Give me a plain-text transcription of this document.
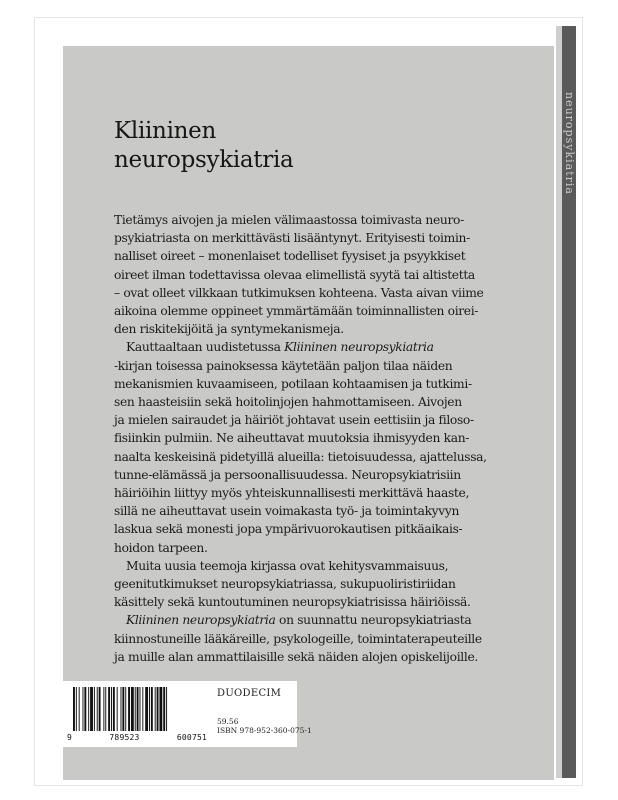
neuropsykiatria
Kliininen
neuropsykiatria
Tietämys aivojen ja mielen välimaastossa toimivasta neuro-
psykiatriasta on merkittävästi lisääntynyt. Erityisesti toimin-
nalliset oireet – monenlaiset todelliset fyysiset ja psyykkiset
oireet ilman todettavissa olevaa elimellistä syytä tai altistetta
– ovat olleet vilkkaan tutkimuksen kohteena. Vasta aivan viime
aikoina olemme oppineet ymmärtämään toiminnallisten oirei-
den riskitekijöitä ja syntymekanismeja.
Kauttaaltaan uudistetussa Kliininen neuropsykiatria
-kirjan toisessa painoksessa käytetään paljon tilaa näiden
mekanismien kuvaamiseen, potilaan kohtaamisen ja tutkimi-
sen haasteisiin sekä hoitolinjojen hahmottamiseen. Aivojen
ja mielen sairaudet ja häiriöt johtavat usein eettisiin ja filoso-
fisiinkin pulmiin. Ne aiheuttavat muutoksia ihmisyyden kan-
naalta keskeisinä pidetyillä alueilla: tietoisuudessa, ajattelussa,
tunne-elämässä ja persoonallisuudessa. Neuropsykiatrisiin
häiriöihin liittyy myös yhteiskunnallisesti merkittävä haaste,
sillä ne aiheuttavat usein voimakasta työ- ja toimintakyvyn
laskua sekä monesti jopa ympärivuorokautisen pitkäaikais-
hoidon tarpeen.
Muita uusia teemoja kirjassa ovat kehitysvammaisuus,
geenitutkimukset neuropsykiatriassa, sukupuoliristiriidan
käsittely sekä kuntoutuminen neuropsykiatrisissa häiriöissä.
Kliininen neuropsykiatria on suunnattu neuropsykiatriasta
kiinnostuneille lääkäreille, psykologeille, toimintaterapeuteille
ja muille alan ammattilaisille sekä näiden alojen opiskelijoille.
9	789523	600751
DUODECIM
59.56
ISBN 978-952-360-075-1
